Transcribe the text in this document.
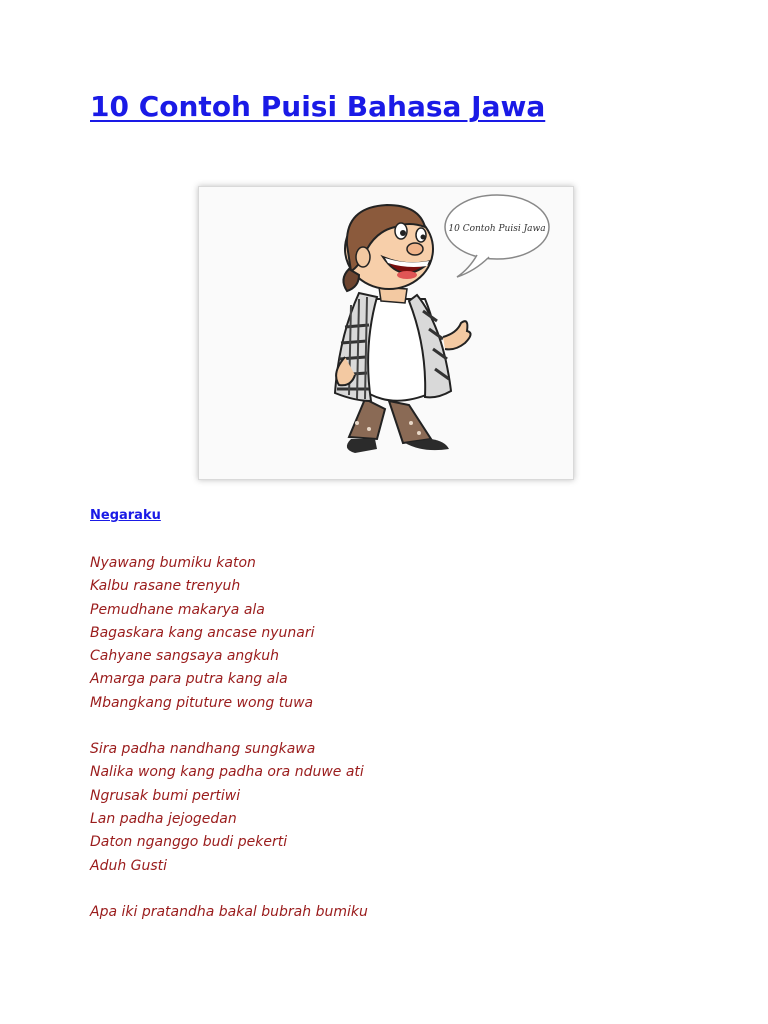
10 Contoh Puisi Bahasa Jawa
10 Contoh Puisi Jawa
Negaraku
Nyawang bumiku katon
Kalbu rasane trenyuh
Pemudhane makarya ala
Bagaskara kang ancase nyunari
Cahyane sangsaya angkuh
Amarga para putra kang ala
Mbangkang pituture wong tuwa
Sira padha nandhang sungkawa
Nalika wong kang padha ora nduwe ati
Ngrusak bumi pertiwi
Lan padha jejogedan
Daton nganggo budi pekerti
Aduh Gusti
Apa iki pratandha bakal bubrah bumiku
